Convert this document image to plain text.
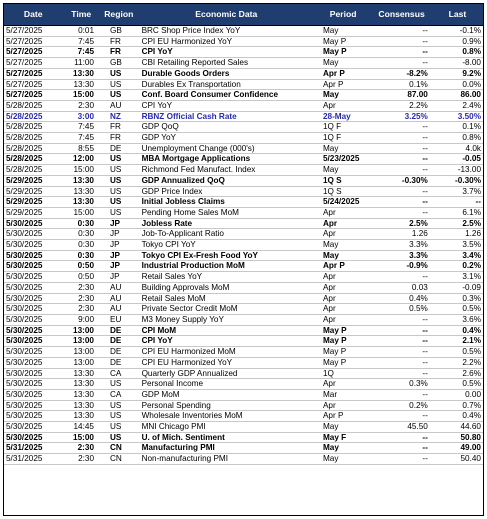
Date	Time	Region	Economic Data	Period	Consensus	Last
5/27/2025	0:01	GB	BRC Shop Price Index YoY	May	--	-0.1%
5/27/2025	7:45	FR	CPI EU Harmonized YoY	May P	--	0.9%
5/27/2025	7:45	FR	CPI YoY	May P	--	0.8%
5/27/2025	11:00	GB	CBI Retailing Reported Sales	May	--	-8.00
5/27/2025	13:30	US	Durable Goods Orders	Apr P	-8.2%	9.2%
5/27/2025	13:30	US	Durables Ex Transportation	Apr P	0.1%	0.0%
5/27/2025	15:00	US	Conf. Board Consumer Confidence	May	87.00	86.00
5/28/2025	2:30	AU	CPI YoY	Apr	2.2%	2.4%
5/28/2025	3:00	NZ	RBNZ Official Cash Rate	28-May	3.25%	3.50%
5/28/2025	7:45	FR	GDP QoQ	1Q F	--	0.1%
5/28/2025	7:45	FR	GDP YoY	1Q F	--	0.8%
5/28/2025	8:55	DE	Unemployment Change (000's)	May	--	4.0k
5/28/2025	12:00	US	MBA Mortgage Applications	5/23/2025	--	-0.05
5/28/2025	15:00	US	Richmond Fed Manufact. Index	May	--	-13.00
5/29/2025	13:30	US	GDP Annualized QoQ	1Q S	-0.30%	-0.30%
5/29/2025	13:30	US	GDP Price Index	1Q S	--	3.7%
5/29/2025	13:30	US	Initial Jobless Claims	5/24/2025	--	--
5/29/2025	15:00	US	Pending Home Sales MoM	Apr	--	6.1%
5/30/2025	0:30	JP	Jobless Rate	Apr	2.5%	2.5%
5/30/2025	0:30	JP	Job-To-Applicant Ratio	Apr	1.26	1.26
5/30/2025	0:30	JP	Tokyo CPI YoY	May	3.3%	3.5%
5/30/2025	0:30	JP	Tokyo CPI Ex-Fresh Food YoY	May	3.3%	3.4%
5/30/2025	0:50	JP	Industrial Production MoM	Apr P	-0.9%	0.2%
5/30/2025	0:50	JP	Retail Sales YoY	Apr	--	3.1%
5/30/2025	2:30	AU	Building Approvals MoM	Apr	0.03	-0.09
5/30/2025	2:30	AU	Retail Sales MoM	Apr	0.4%	0.3%
5/30/2025	2:30	AU	Private Sector Credit MoM	Apr	0.5%	0.5%
5/30/2025	9:00	EU	M3 Money Supply YoY	Apr	--	3.6%
5/30/2025	13:00	DE	CPI MoM	May P	--	0.4%
5/30/2025	13:00	DE	CPI YoY	May P	--	2.1%
5/30/2025	13:00	DE	CPI EU Harmonized MoM	May P	--	0.5%
5/30/2025	13:00	DE	CPI EU Harmonized YoY	May P	--	2.2%
5/30/2025	13:30	CA	Quarterly GDP Annualized	1Q	--	2.6%
5/30/2025	13:30	US	Personal Income	Apr	0.3%	0.5%
5/30/2025	13:30	CA	GDP MoM	Mar	--	0.00
5/30/2025	13:30	US	Personal Spending	Apr	0.2%	0.7%
5/30/2025	13:30	US	Wholesale Inventories MoM	Apr P	--	0.4%
5/30/2025	14:45	US	MNI Chicago PMI	May	45.50	44.60
5/30/2025	15:00	US	U. of Mich. Sentiment	May F	--	50.80
5/31/2025	2:30	CN	Manufacturing PMI	May	--	49.00
5/31/2025	2:30	CN	Non-manufacturing PMI	May	--	50.40
